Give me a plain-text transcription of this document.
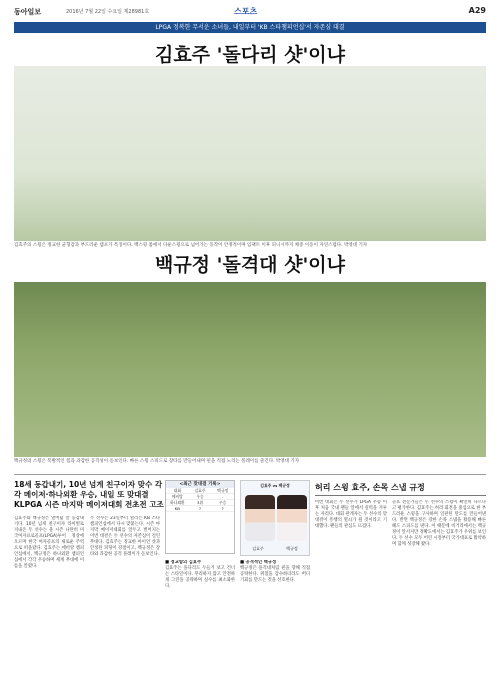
동아일보	2016년 7월 22일 수요일 제28981호	스포츠	A29
LPGA 정복한 무서운 소녀들, 내일부터 'KB 스타챔피언십'서 자존심 대결
김효주 '돌다리 샷'이냐
김효주의 스윙은 정교한 균형감과 부드러운 템포가 특징이다. 백스윙 톱에서 다운스윙으로 넘어가는 동작이 안정적이며 임팩트 이후 피니시까지 체중 이동이 자연스럽다. 박영대 기자
백규정 '돌격대 샷'이냐
백규정의 스윙은 폭발적인 힘과 과감한 공격성이 돋보인다. 빠른 스윙 스피드로 장타를 만들어내며 핀을 직접 노리는 플레이를 즐긴다. 박영대 기자
18세 동갑내기, 10년 넘게 친구이자 맞수 각각 메이저·하나외환 우승, 내일 또 맞대결 KLPGA 시즌 마지막 메이저대회 전초전 고조
김효주와 백규정은 열여덟 살 동갑내기다. 10년 넘게 친구이자 라이벌로 지내온 두 선수는 올 시즌 나란히 미국여자프로골프(LPGA)투어 정상에 오르며 한국 여자골프의 새로운 주역으로 떠올랐다. 김효주는 에비앙 챔피언십에서, 백규정은 하나외환 챔피언십에서 각각 우승하며 세계 무대에 이름을 알렸다.
두 선수는 23일부터 열리는 KB 스타챔피언십에서 다시 맞붙는다. 시즌 마지막 메이저대회를 앞두고 벌어지는 이번 대결은 두 선수의 자존심이 걸린 무대다. 김효주는 정교한 아이언 샷과 안정된 퍼팅이 강점이고, 백규정은 장타와 과감한 공격 플레이가 돋보인다.
<최근 맞대결 기록>
대회	김효주	백규정
에비앙	우승	-
하나외환	3위	우승
KB	?	?
김효주 vs 백규정
김효주	백규정
■ 정교함의 김효주
김효주는 돌다리도 두들겨 보고 건너는 스타일이다. 무리하지 않고 안전하게 그린을 공략하며 실수를 최소화한다.
■ 공격적인 백규정
백규정은 돌격대처럼 핀을 향해 직접 공략한다. 위험을 감수하더라도 버디 기회를 만드는 것을 선호한다.
허리 스윙 효주, 손목 스냅 규정
이번 대회는 두 선수가 LPGA 우승 이후 처음 국내 팬들 앞에서 실력을 겨루는 자리다. 대회 관계자는 두 선수의 맞대결이 흥행의 열쇠가 될 것이라고 기대했다. 팬들의 관심도 뜨겁다.
골프 전문가들은 두 선수의 스윙이 확연히 다르다고 평가한다. 김효주는 허리 회전을 중심으로 한 부드러운 스윙을 구사하며 일관된 탄도를 만들어낸다. 반면 백규정은 강한 손목 스냅을 활용해 빠른 헤드 스피드를 낸다. 이 때문에 비거리에서는 백규정이 앞서지만 정확도에서는 김효주가 우위를 보인다. 두 선수 모두 어린 시절부터 국가대표로 활약하며 함께 성장해 왔다.
